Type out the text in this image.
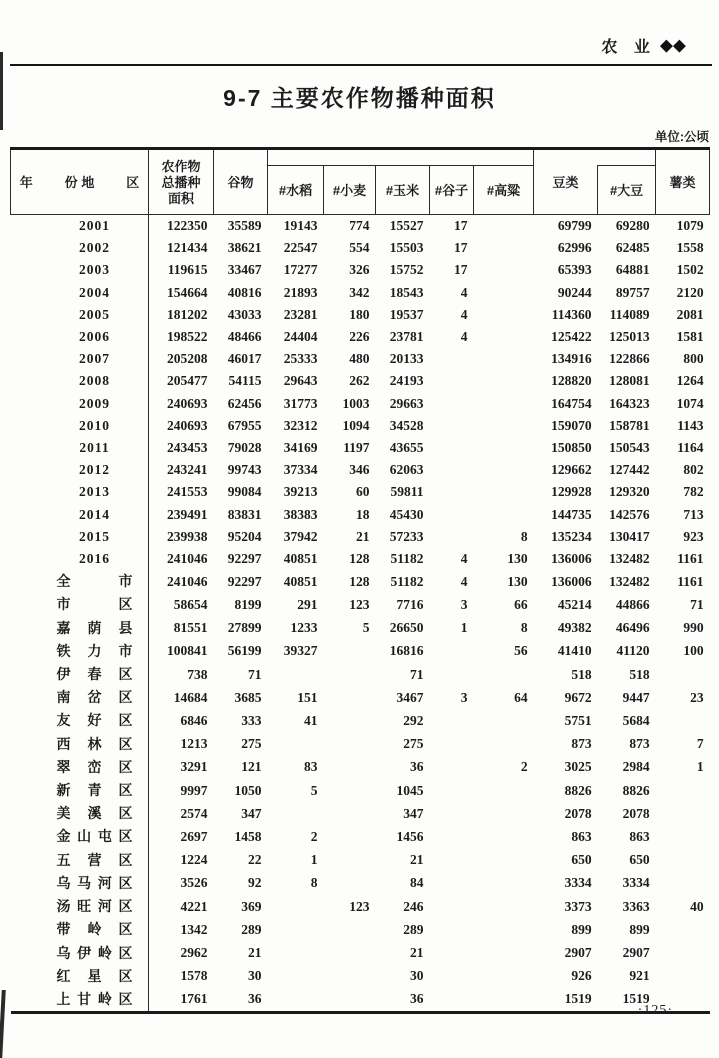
农 业 ◆◆
9-7 主要农作物播种面积
单位:公顷
年 份 地 区	农作物
总播种
面积	谷物						豆类		薯类
			#水稻	#小麦	#玉米	#谷子	#高粱		#大豆	
2001	122350	35589	19143	774	15527	17		69799	69280	1079
2002	121434	38621	22547	554	15503	17		62996	62485	1558
2003	119615	33467	17277	326	15752	17		65393	64881	1502
2004	154664	40816	21893	342	18543	4		90244	89757	2120
2005	181202	43033	23281	180	19537	4		114360	114089	2081
2006	198522	48466	24404	226	23781	4		125422	125013	1581
2007	205208	46017	25333	480	20133			134916	122866	800
2008	205477	54115	29643	262	24193			128820	128081	1264
2009	240693	62456	31773	1003	29663			164754	164323	1074
2010	240693	67955	32312	1094	34528			159070	158781	1143
2011	243453	79028	34169	1197	43655			150850	150543	1164
2012	243241	99743	37334	346	62063			129662	127442	802
2013	241553	99084	39213	60	59811			129928	129320	782
2014	239491	83831	38383	18	45430			144735	142576	713
2015	239938	95204	37942	21	57233		8	135234	130417	923
2016	241046	92297	40851	128	51182	4	130	136006	132482	1161
全市	241046	92297	40851	128	51182	4	130	136006	132482	1161
市区	58654	8199	291	123	7716	3	66	45214	44866	71
嘉荫县	81551	27899	1233	5	26650	1	8	49382	46496	990
铁力市	100841	56199	39327		16816		56	41410	41120	100
伊春区	738	71			71			518	518	
南岔区	14684	3685	151		3467	3	64	9672	9447	23
友好区	6846	333	41		292			5751	5684	
西林区	1213	275			275			873	873	7
翠峦区	3291	121	83		36		2	3025	2984	1
新青区	9997	1050	5		1045			8826	8826	
美溪区	2574	347			347			2078	2078	
金山屯区	2697	1458	2		1456			863	863	
五营区	1224	22	1		21			650	650	
乌马河区	3526	92	8		84			3334	3334	
汤旺河区	4221	369		123	246			3373	3363	40
带岭区	1342	289			289			899	899	
乌伊岭区	2962	21			21			2907	2907	
红星区	1578	30			30			926	921	
上甘岭区	1761	36			36			1519	1519	
·125·
